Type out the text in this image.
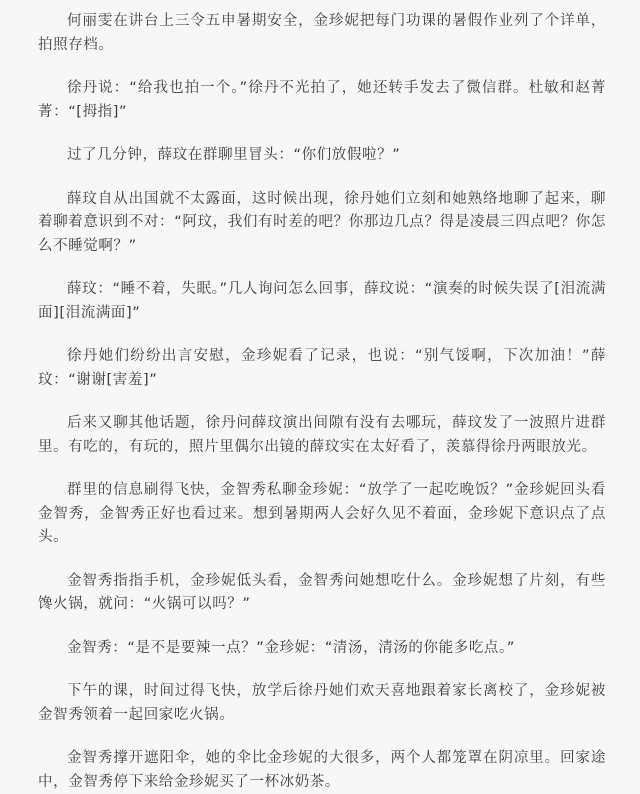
何丽雯在讲台上三令五申暑期安全，金珍妮把每门功课的暑假作业列了个详单，拍照存档。

徐丹说：“给我也拍一个。”徐丹不光拍了，她还转手发去了微信群。杜敏和赵菁菁：“[拇指]”

过了几分钟，薛玟在群聊里冒头：“你们放假啦？”

薛玟自从出国就不太露面，这时候出现，徐丹她们立刻和她熟络地聊了起来，聊着聊着意识到不对：“阿玟，我们有时差的吧？你那边几点？得是凌晨三四点吧？你怎么不睡觉啊？”

薛玟：“睡不着，失眠。”几人询问怎么回事，薛玟说：“演奏的时候失误了[泪流满面][泪流满面]”

徐丹她们纷纷出言安慰，金珍妮看了记录，也说：“别气馁啊，下次加油！”薛玟：“谢谢[害羞]”

后来又聊其他话题，徐丹问薛玟演出间隙有没有去哪玩，薛玟发了一波照片进群里。有吃的，有玩的，照片里偶尔出镜的薛玟实在太好看了，羡慕得徐丹两眼放光。

群里的信息刷得飞快，金智秀私聊金珍妮：“放学了一起吃晚饭？”金珍妮回头看金智秀，金智秀正好也看过来。想到暑期两人会好久见不着面，金珍妮下意识点了点头。

金智秀指指手机，金珍妮低头看，金智秀问她想吃什么。金珍妮想了片刻，有些馋火锅，就问：“火锅可以吗？”

金智秀：“是不是要辣一点？”金珍妮：“清汤，清汤的你能多吃点。”

下午的课，时间过得飞快，放学后徐丹她们欢天喜地跟着家长离校了，金珍妮被金智秀领着一起回家吃火锅。

金智秀撑开遮阳伞，她的伞比金珍妮的大很多，两个人都笼罩在阴凉里。回家途中，金智秀停下来给金珍妮买了一杯冰奶茶。
